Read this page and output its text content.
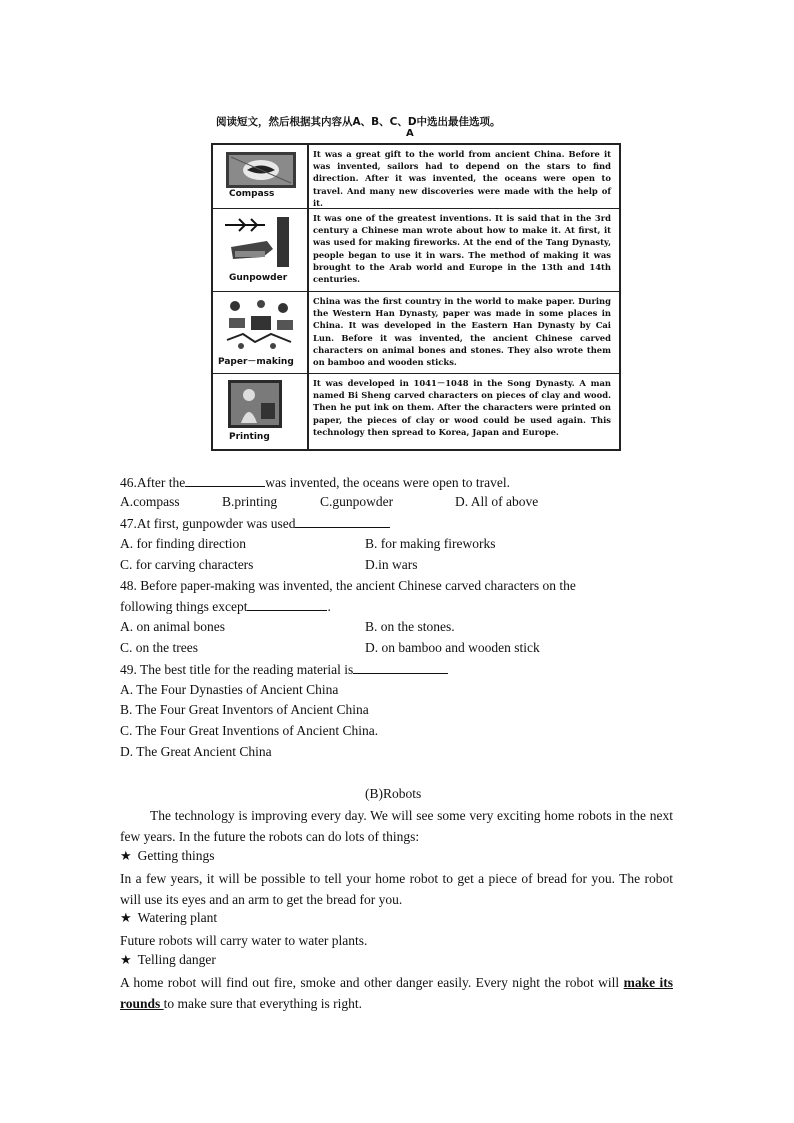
阅读短文，然后根据其内容从A、B、C、D中选出最佳选项。
A
Compass
It was a great gift to the world from ancient China. Before it was invented, sailors had to depend on the stars to find direction. After it was invented, the oceans were open to travel. And many new discoveries were made with the help of it.
Gunpowder
It was one of the greatest inventions. It is said that in the 3rd century a Chinese man wrote about how to make it. At first, it was used for making fireworks. At the end of the Tang Dynasty, people began to use it in wars. The method of making it was brought to the Arab world and Europe in the 13th and 14th centuries.
Paper－making
China was the first country in the world to make paper. During the Western Han Dynasty, paper was made in some places in China. It was developed in the Eastern Han Dynasty by Cai Lun. Before it was invented, the ancient Chinese carved characters on animal bones and stones. They also wrote them on bamboo and wooden sticks.
Printing
It was developed in 1041－1048 in the Song Dynasty. A man named Bi Sheng carved characters on pieces of clay and wood. Then he put ink on them. After the characters were printed on paper, the pieces of clay or wood could be used again. This technology then spread to Korea, Japan and Europe.
46.After the	was invented, the oceans were open to travel.
A.compass	B.printing	C.gunpowder	D. All of above
47.At first, gunpowder was used
A. for finding direction	B. for making fireworks
C. for carving characters	D.in wars
48. Before paper-making was invented, the ancient Chinese carved characters on the
following things except	.
A. on animal bones	B. on the stones.
C. on the trees	D. on bamboo and wooden stick
49. The best title for the reading material is
A. The Four Dynasties of Ancient China
B. The Four Great Inventors of Ancient China
C. The Four Great Inventions of Ancient China.
D. The Great Ancient China
(B)Robots

The technology is improving every day. We will see some very exciting home robots in the next few years. In the future the robots can do lots of things:

★ Getting things

In a few years, it will be possible to tell your home robot to get a piece of bread for you. The robot will use its eyes and an arm to get the bread for you.

★ Watering plant

Future robots will carry water to water plants.

★ Telling danger

A home robot will find out fire, smoke and other danger easily. Every night the robot will make its rounds to make sure that everything is right.
